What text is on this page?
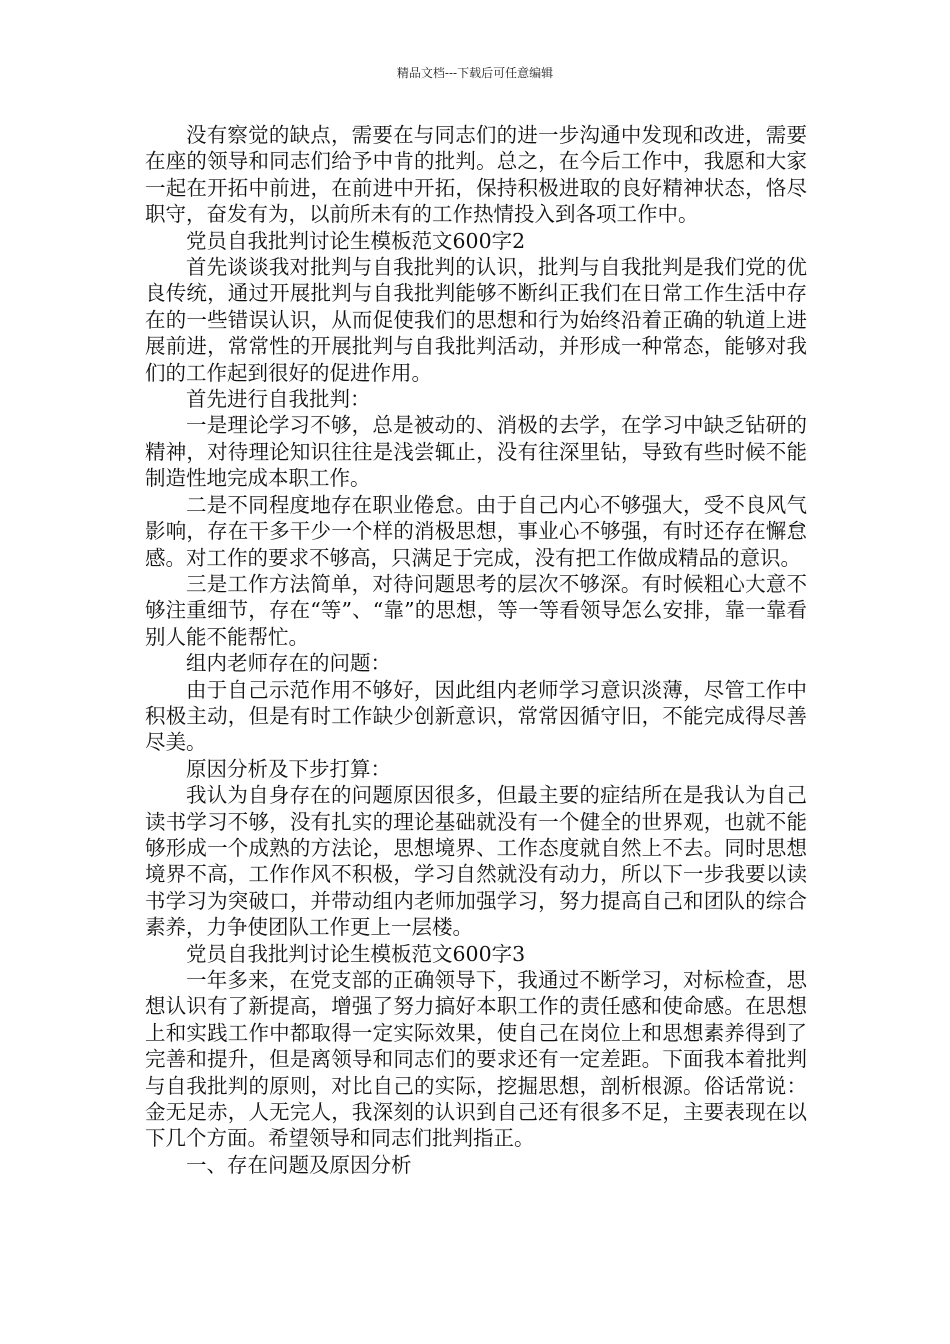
精品文档---下载后可任意编辑

没有察觉的缺点，需要在与同志们的进一步沟通中发现和改进，需要在座的领导和同志们给予中肯的批判。总之，在今后工作中，我愿和大家一起在开拓中前进，在前进中开拓，保持积极进取的良好精神状态，恪尽职守，奋发有为，以前所未有的工作热情投入到各项工作中。

党员自我批判讨论生模板范文600字2

首先谈谈我对批判与自我批判的认识，批判与自我批判是我们党的优良传统，通过开展批判与自我批判能够不断纠正我们在日常工作生活中存在的一些错误认识，从而促使我们的思想和行为始终沿着正确的轨道上进展前进，常常性的开展批判与自我批判活动，并形成一种常态，能够对我们的工作起到很好的促进作用。

首先进行自我批判：

一是理论学习不够，总是被动的、消极的去学，在学习中缺乏钻研的精神，对待理论知识往往是浅尝辄止，没有往深里钻，导致有些时候不能制造性地完成本职工作。

二是不同程度地存在职业倦怠。由于自己内心不够强大，受不良风气影响，存在干多干少一个样的消极思想，事业心不够强，有时还存在懈怠感。对工作的要求不够高，只满足于完成，没有把工作做成精品的意识。

三是工作方法简单，对待问题思考的层次不够深。有时候粗心大意不够注重细节，存在“等”、“靠”的思想，等一等看领导怎么安排，靠一靠看别人能不能帮忙。

组内老师存在的问题：

由于自己示范作用不够好，因此组内老师学习意识淡薄，尽管工作中积极主动，但是有时工作缺少创新意识，常常因循守旧，不能完成得尽善尽美。

原因分析及下步打算：

我认为自身存在的问题原因很多，但最主要的症结所在是我认为自己读书学习不够，没有扎实的理论基础就没有一个健全的世界观，也就不能够形成一个成熟的方法论，思想境界、工作态度就自然上不去。同时思想境界不高，工作作风不积极，学习自然就没有动力，所以下一步我要以读书学习为突破口，并带动组内老师加强学习，努力提高自己和团队的综合素养，力争使团队工作更上一层楼。

党员自我批判讨论生模板范文600字3

一年多来，在党支部的正确领导下，我通过不断学习，对标检查，思想认识有了新提高，增强了努力搞好本职工作的责任感和使命感。在思想上和实践工作中都取得一定实际效果，使自己在岗位上和思想素养得到了完善和提升，但是离领导和同志们的要求还有一定差距。下面我本着批判与自我批判的原则，对比自己的实际，挖掘思想，剖析根源。俗话常说：金无足赤，人无完人，我深刻的认识到自己还有很多不足，主要表现在以下几个方面。希望领导和同志们批判指正。

一、存在问题及原因分析
